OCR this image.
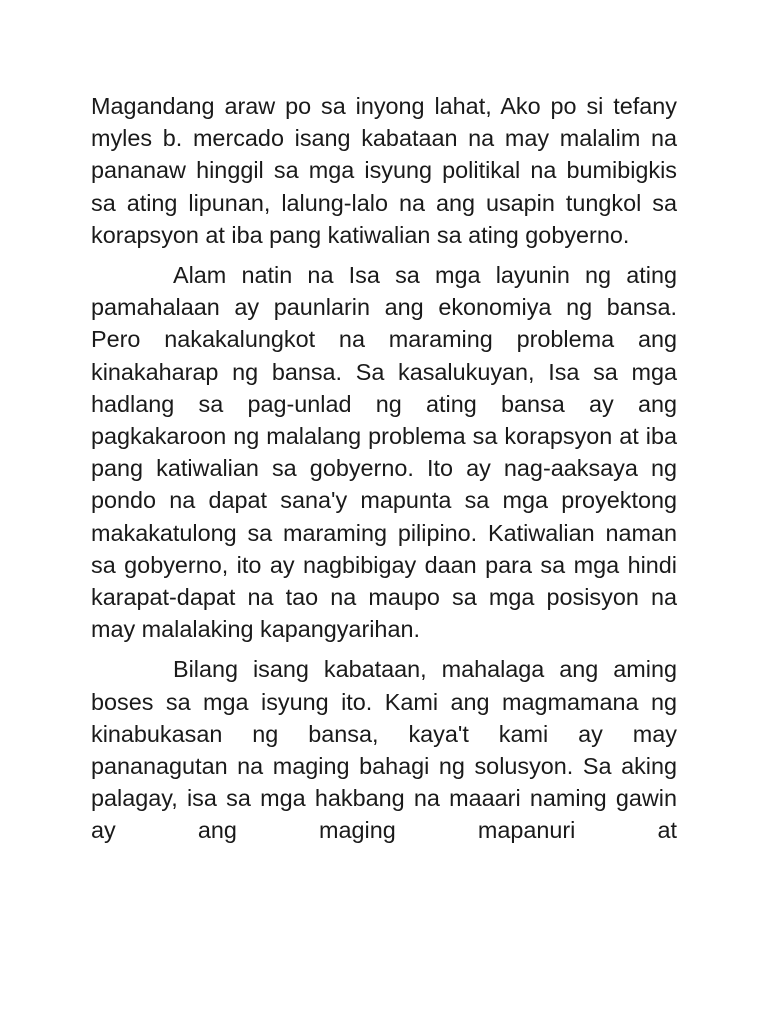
Magandang araw po sa inyong lahat, Ako po si tefany myles b. mercado isang kabataan na may malalim na pananaw hinggil sa mga isyung politikal na bumibigkis sa ating lipunan, lalung-lalo na ang usapin tungkol sa korapsyon at iba pang katiwalian sa ating gobyerno.

Alam natin na Isa sa mga layunin ng ating pamahalaan ay paunlarin ang ekonomiya ng bansa. Pero nakakalungkot na maraming problema ang kinakaharap ng bansa. Sa kasalukuyan, Isa sa mga hadlang sa pag-unlad ng ating bansa ay ang pagkakaroon ng malalang problema sa korapsyon at iba pang katiwalian sa gobyerno. Ito ay nag-aaksaya ng pondo na dapat sana'y mapunta sa mga proyektong makakatulong sa maraming pilipino. Katiwalian naman sa gobyerno, ito ay nagbibigay daan para sa mga hindi karapat-dapat na tao na maupo sa mga posisyon na may malalaking kapangyarihan.

Bilang isang kabataan, mahalaga ang aming boses sa mga isyung ito. Kami ang magmamana ng kinabukasan ng bansa, kaya't kami ay may pananagutan na maging bahagi ng solusyon. Sa aking palagay, isa sa mga hakbang na maaari naming gawin ay ang maging mapanuri at
